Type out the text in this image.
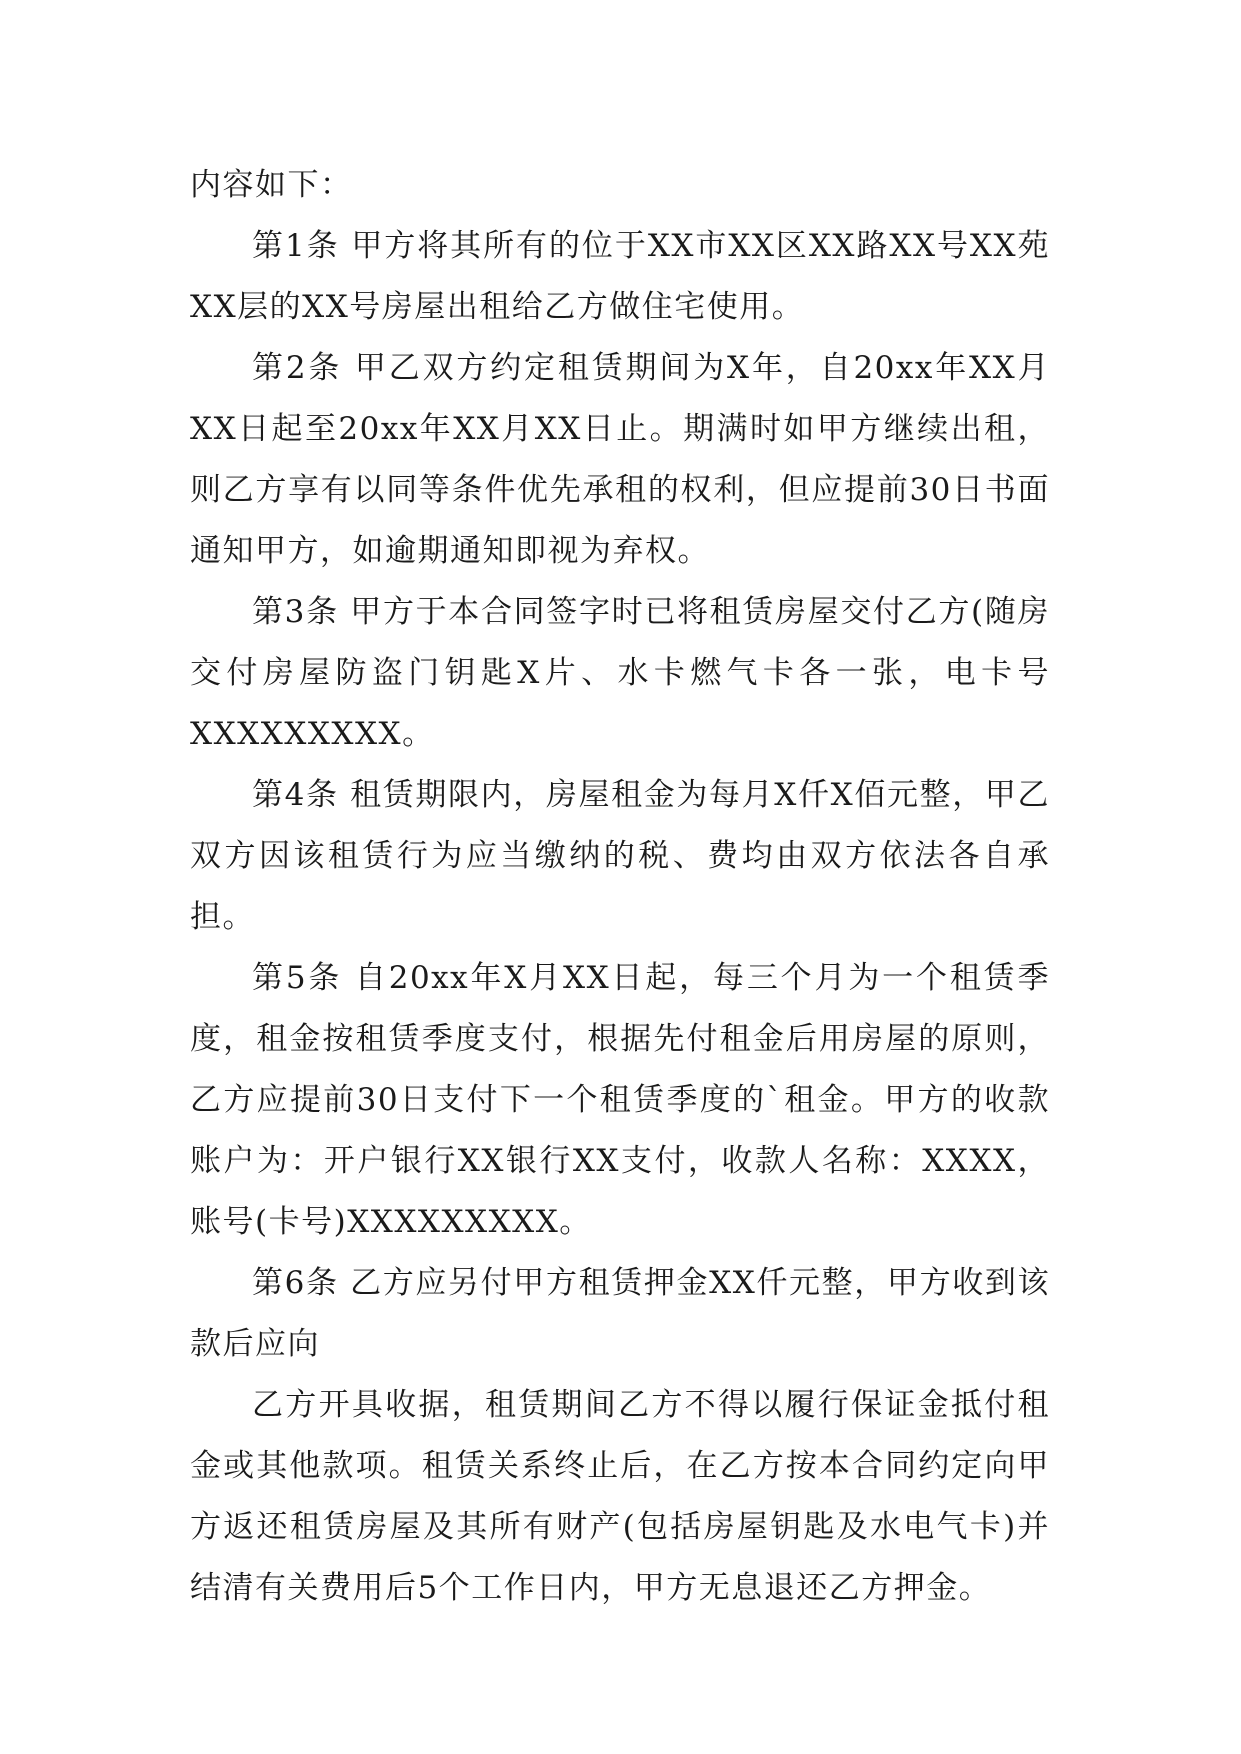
内容如下：

第1条 甲方将其所有的位于XX市XX区XX路XX号XX苑XX层的XX号房屋出租给乙方做住宅使用。

第2条 甲乙双方约定租赁期间为X年，自20xx年XX月XX日起至20xx年XX月XX日止。期满时如甲方继续出租，则乙方享有以同等条件优先承租的权利，但应提前30日书面通知甲方，如逾期通知即视为弃权。

第3条 甲方于本合同签字时已将租赁房屋交付乙方(随房交付房屋防盗门钥匙X片、水卡燃气卡各一张，电卡号XXXXXXXXX。

第4条 租赁期限内，房屋租金为每月X仟X佰元整，甲乙双方因该租赁行为应当缴纳的税、费均由双方依法各自承担。

第5条 自20xx年X月XX日起，每三个月为一个租赁季度，租金按租赁季度支付，根据先付租金后用房屋的原则，乙方应提前30日支付下一个租赁季度的`租金。甲方的收款账户为：开户银行XX银行XX支付，收款人名称：XXXX，账号(卡号)XXXXXXXXX。

第6条 乙方应另付甲方租赁押金XX仟元整，甲方收到该款后应向

乙方开具收据，租赁期间乙方不得以履行保证金抵付租金或其他款项。租赁关系终止后，在乙方按本合同约定向甲方返还租赁房屋及其所有财产(包括房屋钥匙及水电气卡)并结清有关费用后5个工作日内，甲方无息退还乙方押金。
